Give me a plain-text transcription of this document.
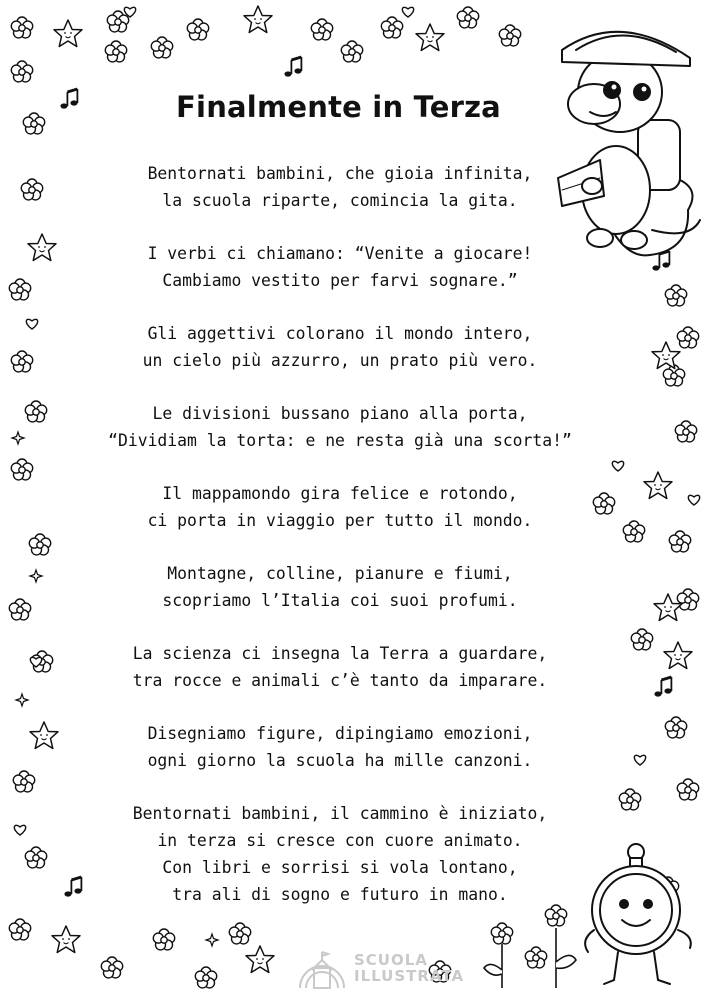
Finalmente in Terza
Bentornati bambini, che gioia infinita,
la scuola riparte, comincia la gita.
I verbi ci chiamano: “Venite a giocare!
Cambiamo vestito per farvi sognare.”
Gli aggettivi colorano il mondo intero,
un cielo più azzurro, un prato più vero.
Le divisioni bussano piano alla porta,
“Dividiam la torta: e ne resta già una scorta!”
Il mappamondo gira felice e rotondo,
ci porta in viaggio per tutto il mondo.
Montagne, colline, pianure e fiumi,
scopriamo l’Italia coi suoi profumi.
La scienza ci insegna la Terra a guardare,
tra rocce e animali c’è tanto da imparare.
Disegniamo figure, dipingiamo emozioni,
ogni giorno la scuola ha mille canzoni.
Bentornati bambini, il cammino è iniziato,
in terza si cresce con cuore animato.
Con libri e sorrisi si vola lontano,
tra ali di sogno e futuro in mano.
SCUOLA
ILLUSTRATA
